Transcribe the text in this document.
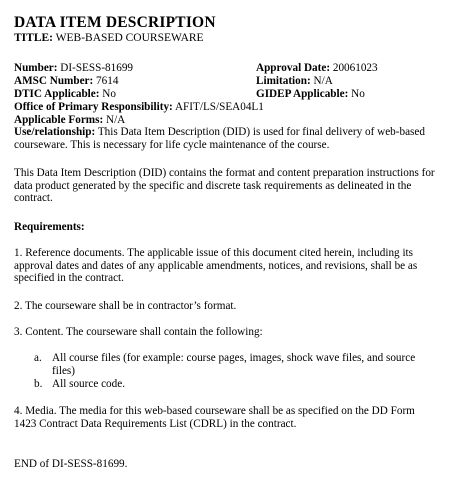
DATA ITEM DESCRIPTION
TITLE: WEB-BASED COURSEWARE
Number: DI-SESS-81699	Approval Date: 20061023
AMSC Number: 7614	Limitation: N/A
DTIC Applicable: No	GIDEP Applicable: No
Office of Primary Responsibility: AFIT/LS/SEA04L1
Applicable Forms: N/A
Use/relationship: This Data Item Description (DID) is used for final delivery of web-based courseware. This is necessary for life cycle maintenance of the course.
This Data Item Description (DID) contains the format and content preparation instructions for data product generated by the specific and discrete task requirements as delineated in the contract.
Requirements:
1. Reference documents. The applicable issue of this document cited herein, including its approval dates and dates of any applicable amendments, notices, and revisions, shall be as specified in the contract.
2. The courseware shall be in contractor’s format.
3. Content. The courseware shall contain the following:
a. All course files (for example: course pages, images, shock wave files, and source files)
b. All source code.
4. Media. The media for this web-based courseware shall be as specified on the DD Form 1423 Contract Data Requirements List (CDRL) in the contract.
END of DI-SESS-81699.
